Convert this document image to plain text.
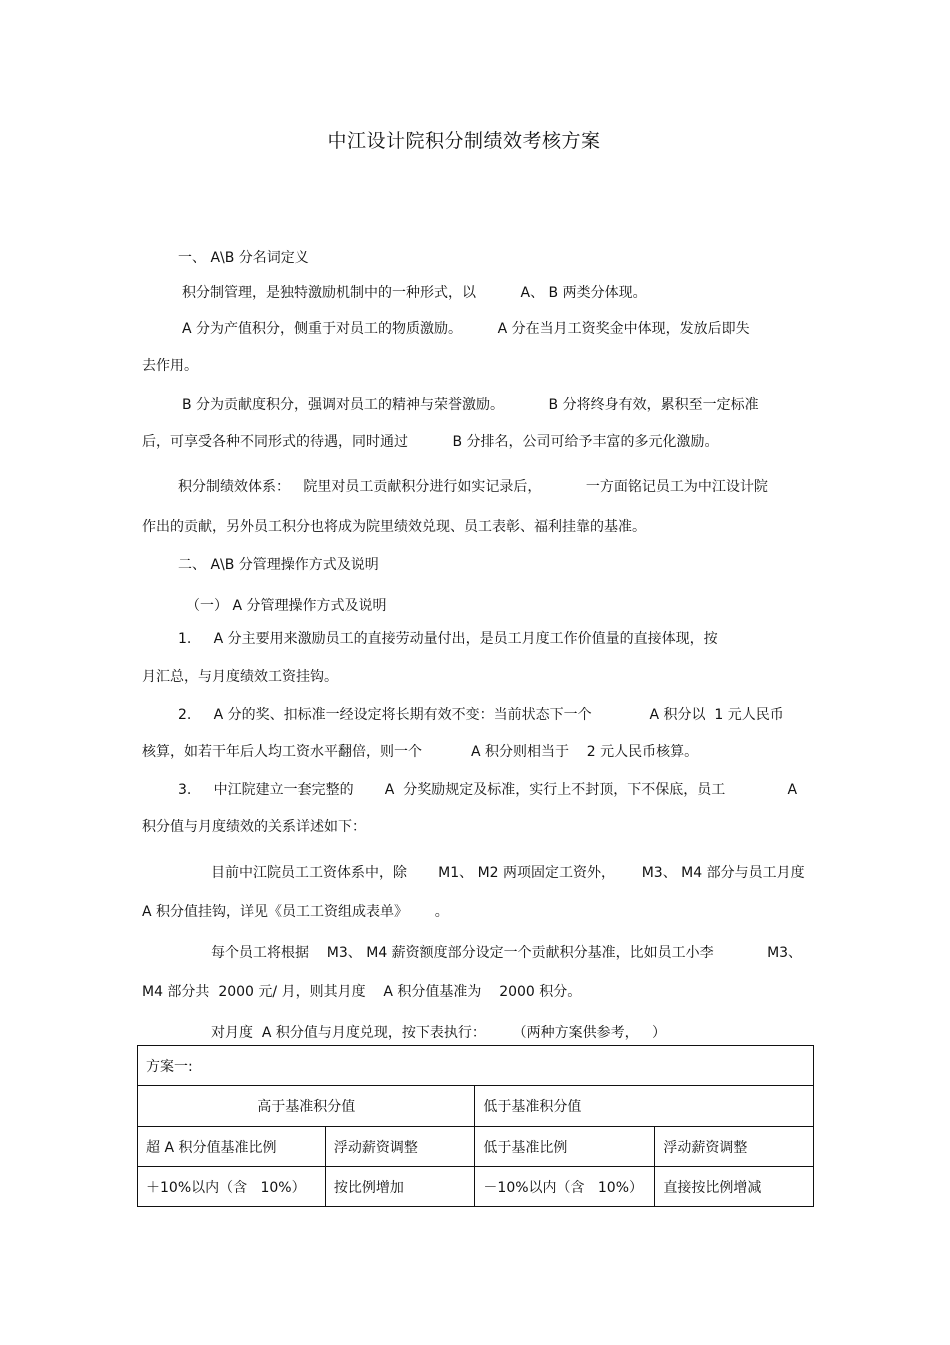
中江设计院积分制绩效考核方案
一、 A\B 分名词定义
积分制管理，是独特激励机制中的一种形式，以          A、 B 两类分体现。
A 分为产值积分，侧重于对员工的物质激励。        A 分在当月工资奖金中体现，发放后即失
去作用。
B 分为贡献度积分，强调对员工的精神与荣誉激励。          B 分将终身有效，累积至一定标准
后，可享受各种不同形式的待遇，同时通过          B 分排名，公司可给予丰富的多元化激励。
积分制绩效体系：   院里对员工贡献积分进行如实记录后，          一方面铭记员工为中江设计院
作出的贡献，另外员工积分也将成为院里绩效兑现、员工表彰、福利挂靠的基准。
二、 A\B 分管理操作方式及说明
（一） A 分管理操作方式及说明
1.     A 分主要用来激励员工的直接劳动量付出，是员工月度工作价值量的直接体现，按
月汇总，与月度绩效工资挂钩。
2.     A 分的奖、扣标准一经设定将长期有效不变：当前状态下一个             A 积分以  1 元人民币
核算，如若干年后人均工资水平翻倍，则一个           A 积分则相当于    2 元人民币核算。
3.     中江院建立一套完整的       A  分奖励规定及标准，实行上不封顶，下不保底，员工              A
积分值与月度绩效的关系详述如下：
目前中江院员工工资体系中，除       M1、 M2 两项固定工资外，      M3、 M4 部分与员工月度
A 积分值挂钩，详见《员工工资组成表单》      。
每个员工将根据    M3、 M4 薪资额度部分设定一个贡献积分基准，比如员工小李            M3、
M4 部分共  2000 元/ 月，则其月度    A 积分值基准为    2000 积分。
对月度  A 积分值与月度兑现，按下表执行：      （两种方案供参考，   ）
方案一:			
高于基准积分值		低于基准积分值	
超 A 积分值基准比例	浮动薪资调整	低于基准比例	浮动薪资调整
＋10%以内（含   10%）	按比例增加	－10%以内（含   10%）	直接按比例增减
